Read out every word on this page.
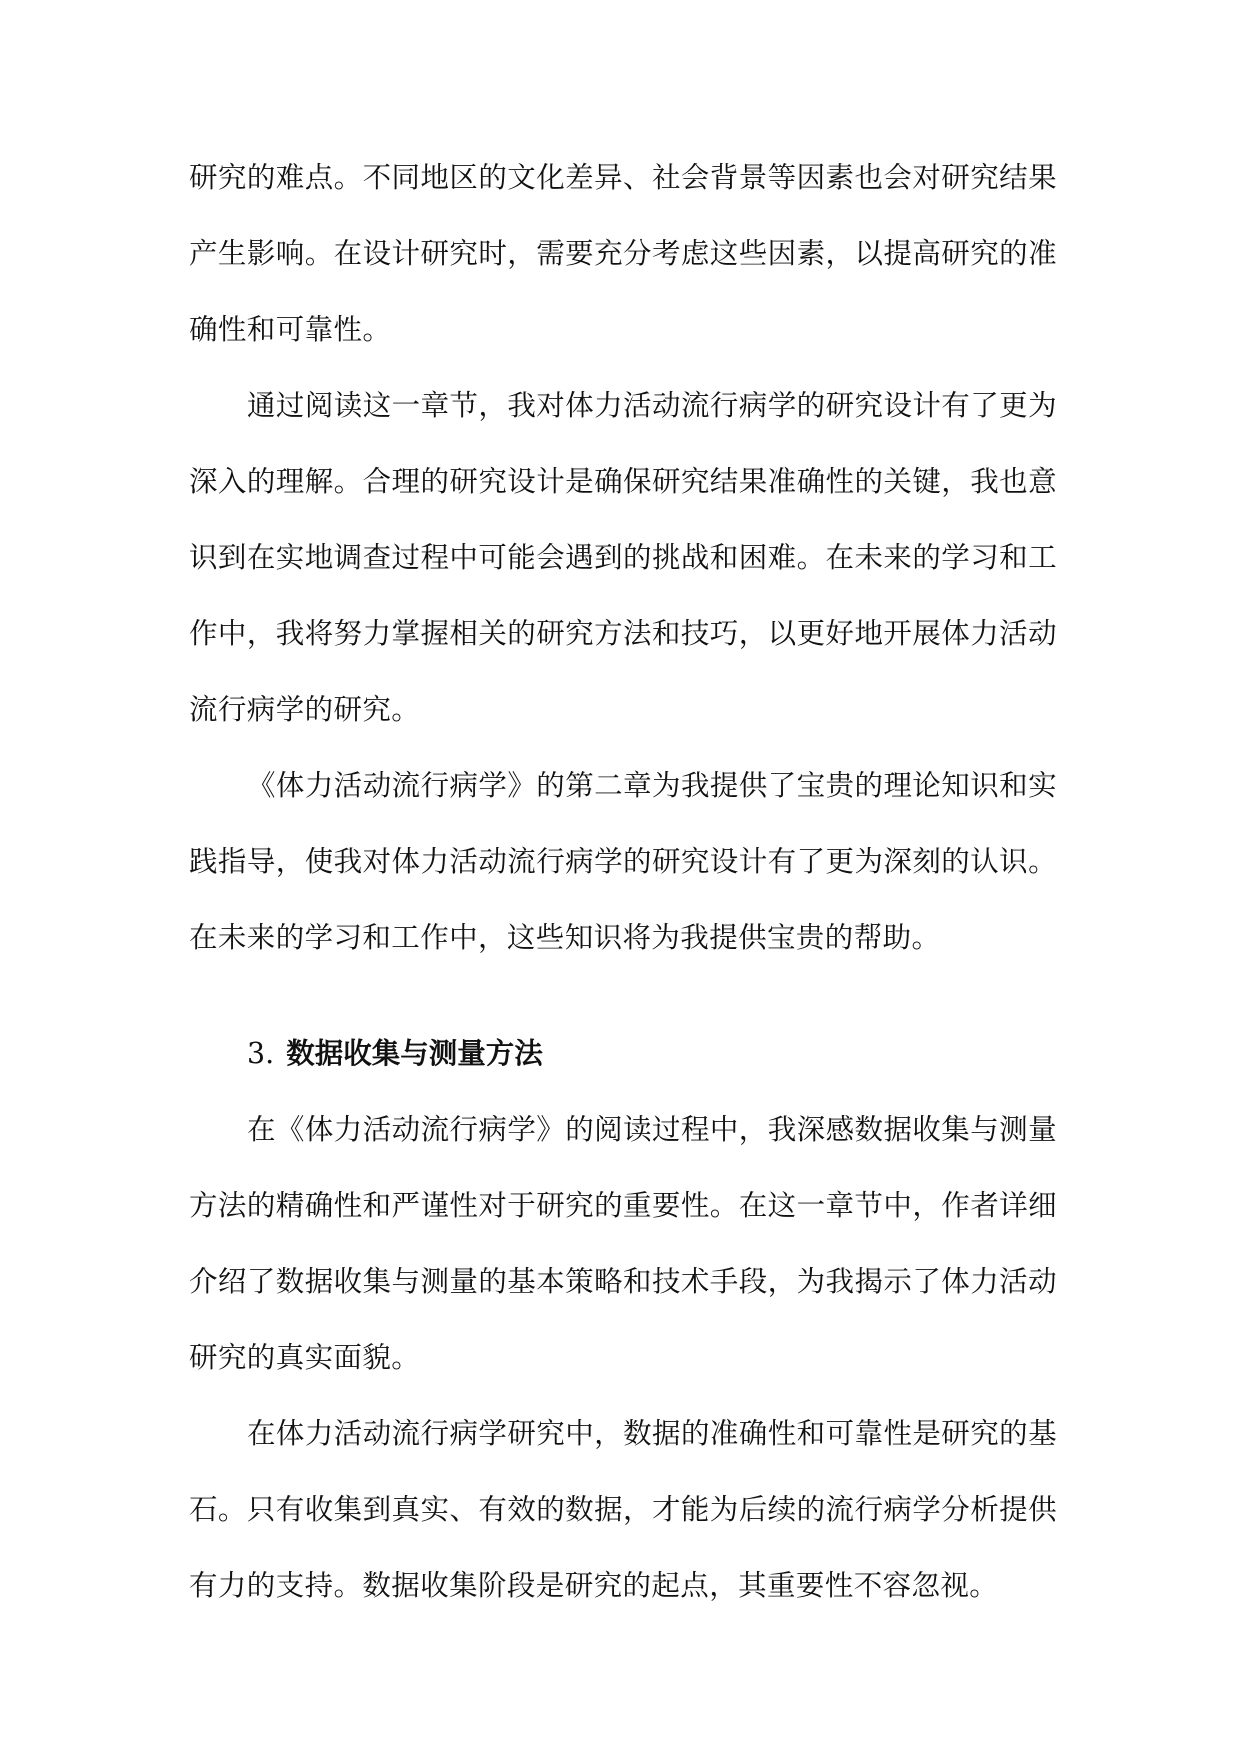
研究的难点。不同地区的文化差异、社会背景等因素也会对研究结果
产生影响。在设计研究时，需要充分考虑这些因素，以提高研究的准
确性和可靠性。
通过阅读这一章节，我对体力活动流行病学的研究设计有了更为
深入的理解。合理的研究设计是确保研究结果准确性的关键，我也意
识到在实地调查过程中可能会遇到的挑战和困难。在未来的学习和工
作中，我将努力掌握相关的研究方法和技巧，以更好地开展体力活动
流行病学的研究。
《体力活动流行病学》的第二章为我提供了宝贵的理论知识和实
践指导，使我对体力活动流行病学的研究设计有了更为深刻的认识。
在未来的学习和工作中，这些知识将为我提供宝贵的帮助。
3. 数据收集与测量方法
在《体力活动流行病学》的阅读过程中，我深感数据收集与测量
方法的精确性和严谨性对于研究的重要性。在这一章节中，作者详细
介绍了数据收集与测量的基本策略和技术手段，为我揭示了体力活动
研究的真实面貌。
在体力活动流行病学研究中，数据的准确性和可靠性是研究的基
石。只有收集到真实、有效的数据，才能为后续的流行病学分析提供
有力的支持。数据收集阶段是研究的起点，其重要性不容忽视。
